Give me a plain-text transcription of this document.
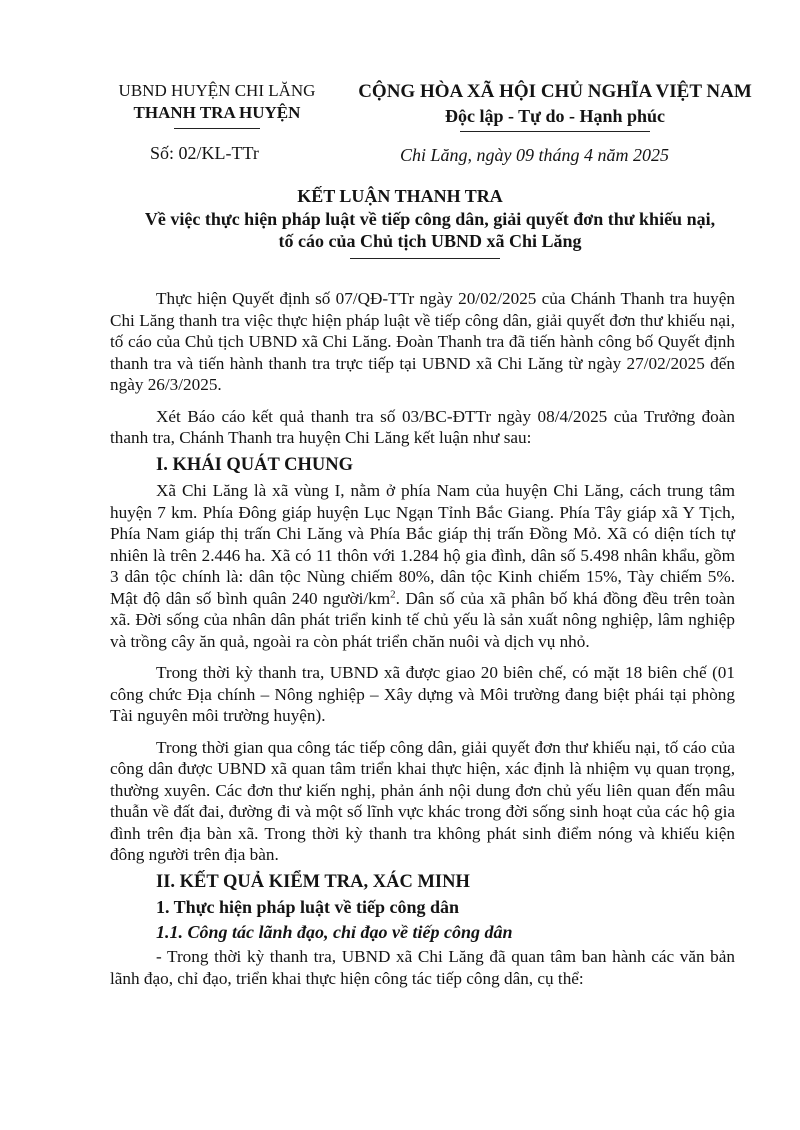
UBND HUYỆN CHI LĂNG
THANH TRA HUYỆN
Số: 02/KL-TTr
CỘNG HÒA XÃ HỘI CHỦ NGHĨA VIỆT NAM
Độc lập - Tự do - Hạnh phúc
Chi Lăng, ngày 09 tháng 4 năm 2025
KẾT LUẬN THANH TRA
Về việc thực hiện pháp luật về tiếp công dân, giải quyết đơn thư khiếu nại,
tố cáo của Chủ tịch UBND xã Chi Lăng

Thực hiện Quyết định số 07/QĐ-TTr ngày 20/02/2025 của Chánh Thanh tra huyện Chi Lăng thanh tra việc thực hiện pháp luật về tiếp công dân, giải quyết đơn thư khiếu nại, tố cáo của Chủ tịch UBND xã Chi Lăng. Đoàn Thanh tra đã tiến hành công bố Quyết định thanh tra và tiến hành thanh tra trực tiếp tại UBND xã Chi Lăng từ ngày 27/02/2025 đến ngày 26/3/2025.

Xét Báo cáo kết quả thanh tra số 03/BC-ĐTTr ngày 08/4/2025 của Trưởng đoàn thanh tra, Chánh Thanh tra huyện Chi Lăng kết luận như sau:

I. KHÁI QUÁT CHUNG

Xã Chi Lăng là xã vùng I, nằm ở phía Nam của huyện Chi Lăng, cách trung tâm huyện 7 km. Phía Đông giáp huyện Lục Ngạn Tỉnh Bắc Giang. Phía Tây giáp xã Y Tịch, Phía Nam giáp thị trấn Chi Lăng và Phía Bắc giáp thị trấn Đồng Mỏ. Xã có diện tích tự nhiên là trên 2.446 ha. Xã có 11 thôn với 1.284 hộ gia đình, dân số 5.498 nhân khẩu, gồm 3 dân tộc chính là: dân tộc Nùng chiếm 80%, dân tộc Kinh chiếm 15%, Tày chiếm 5%. Mật độ dân số bình quân 240 người/$km^2$. Dân số của xã phân bố khá đồng đều trên toàn xã. Đời sống của nhân dân phát triển kinh tế chủ yếu là sản xuất nông nghiệp, lâm nghiệp và trồng cây ăn quả, ngoài ra còn phát triển chăn nuôi và dịch vụ nhỏ.

Trong thời kỳ thanh tra, UBND xã được giao 20 biên chế, có mặt 18 biên chế (01 công chức Địa chính – Nông nghiệp – Xây dựng và Môi trường đang biệt phái tại phòng Tài nguyên môi trường huyện).

Trong thời gian qua công tác tiếp công dân, giải quyết đơn thư khiếu nại, tố cáo của công dân được UBND xã quan tâm triển khai thực hiện, xác định là nhiệm vụ quan trọng, thường xuyên. Các đơn thư kiến nghị, phản ánh nội dung đơn chủ yếu liên quan đến mâu thuẫn về đất đai, đường đi và một số lĩnh vực khác trong đời sống sinh hoạt của các hộ gia đình trên địa bàn xã. Trong thời kỳ thanh tra không phát sinh điểm nóng và khiếu kiện đông người trên địa bàn.

II. KẾT QUẢ KIỂM TRA, XÁC MINH
1. Thực hiện pháp luật về tiếp công dân
1.1. Công tác lãnh đạo, chỉ đạo về tiếp công dân

- Trong thời kỳ thanh tra, UBND xã Chi Lăng đã quan tâm ban hành các văn bản lãnh đạo, chỉ đạo, triển khai thực hiện công tác tiếp công dân, cụ thể:
